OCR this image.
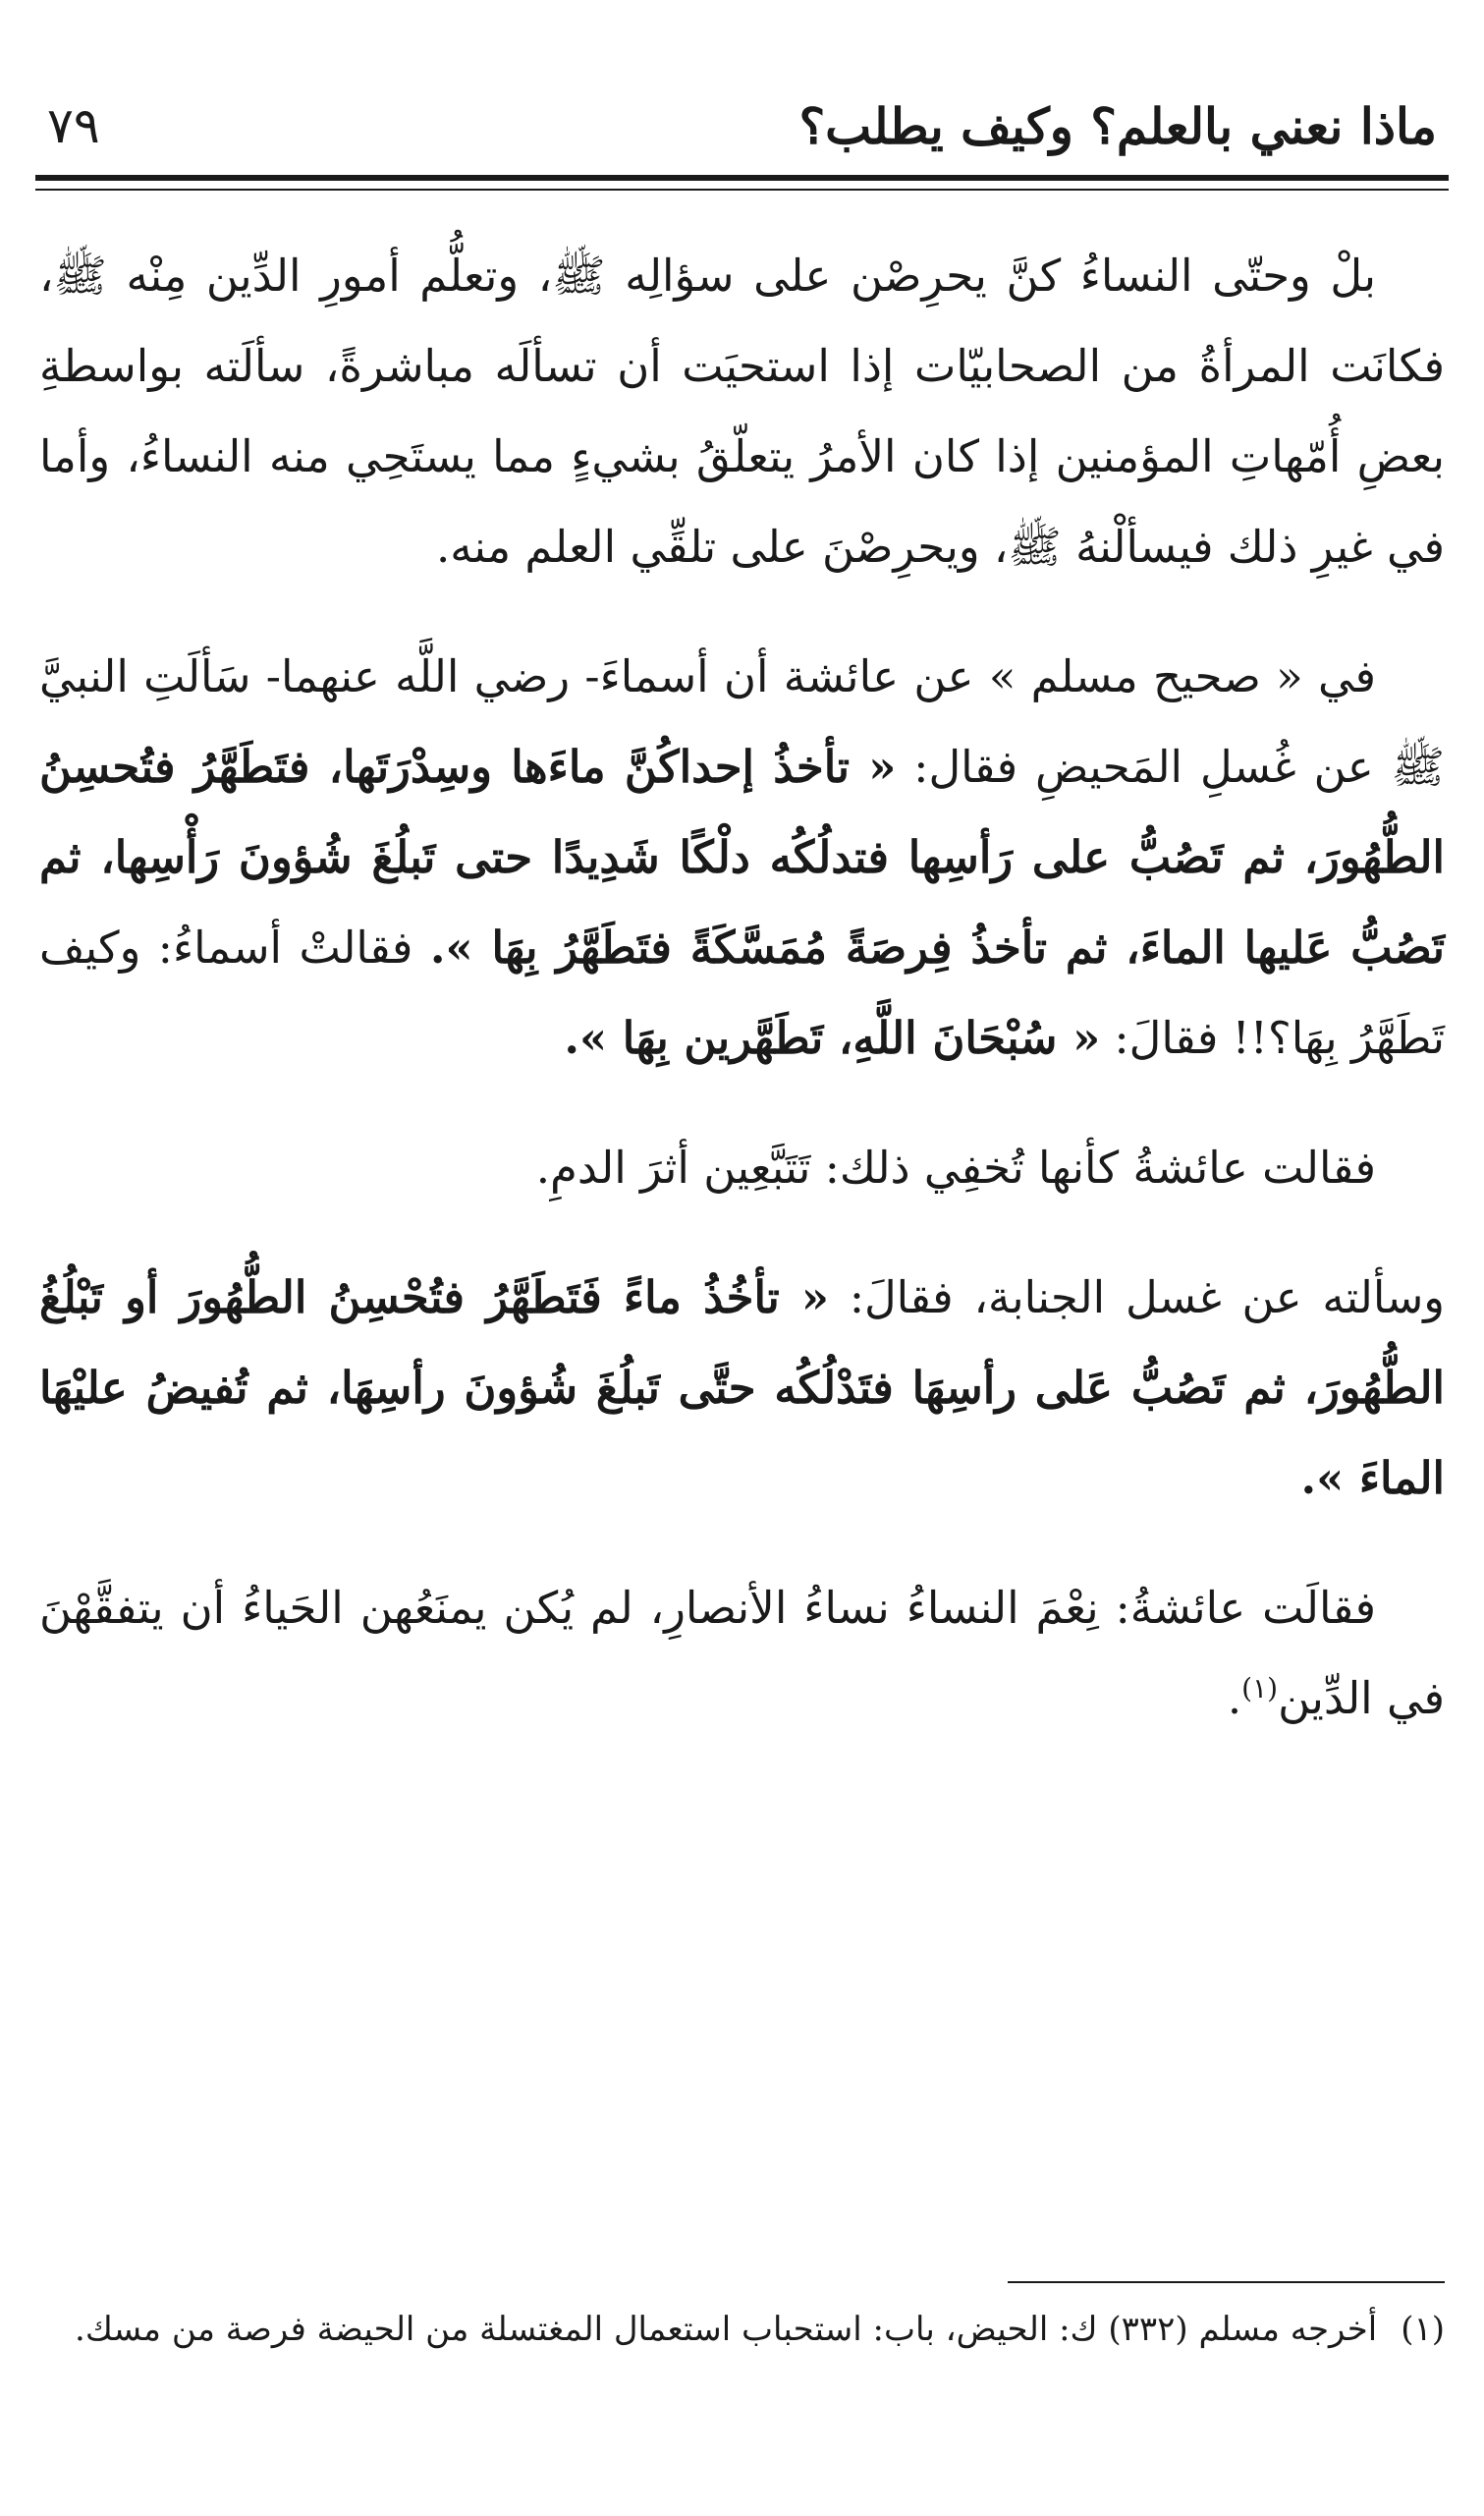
ماذا نعني بالعلم؟ وكيف يطلب؟
٧٩

بلْ وحتّى النساءُ كنَّ يحرِصْن على سؤالِه ﷺ، وتعلُّم أمورِ الدِّين مِنْه ﷺ، فكانَت المرأةُ من الصحابيّات إذا استحيَت أن تسألَه مباشرةً، سألَته بواسطةِ بعضِ أُمّهاتِ المؤمنين إذا كان الأمرُ يتعلّقُ بشيءٍ مما يستَحِي منه النساءُ، وأما في غيرِ ذلك فيسألْنهُ ﷺ، ويحرِصْنَ على تلقِّي العلم منه.

في « صحيح مسلم » عن عائشة أن أسماءَ- رضي اللَّه عنهما- سَألَتِ النبيَّ ﷺ عن غُسلِ المَحيضِ فقال: « تأخذُ إحداكُنَّ ماءَها وسِدْرَتَها، فتَطَهَّرُ فتُحسِنُ الطُّهُورَ، ثم تَصُبُّ على رَأسِها فتدلُكُه دلْكًا شَدِيدًا حتى تَبلُغَ شُؤونَ رَأْسِها، ثم تَصُبُّ عَليها الماءَ، ثم تأخذُ فِرصَةً مُمَسَّكَةً فتَطَهَّرُ بِهَا ». فقالتْ أسماءُ: وكيف تَطَهَّرُ بِهَا؟!! فقالَ: « سُبْحَانَ اللَّهِ، تَطَهَّرين بِهَا ».

فقالت عائشةُ كأنها تُخفِي ذلك: تَتَبَّعِين أثرَ الدمِ.

وسألته عن غسل الجنابة، فقالَ: « تأخُذُ ماءً فَتَطَهَّرُ فتُحْسِنُ الطُّهُورَ أو تَبْلُغُ الطُّهُورَ، ثم تَصُبُّ عَلى رأسِهَا فتَدْلُكُه حتَّى تَبلُغَ شُؤونَ رأسِهَا، ثم تُفيضُ عليْهَا الماءَ ».

فقالَت عائشةُ: نِعْمَ النساءُ نساءُ الأنصارِ، لم يُكن يمنَعُهن الحَياءُ أن يتفقَّهْنَ في الدِّين$^{(١)}$.

(١)أخرجه مسلم (٣٣٢) ك: الحيض، باب: استحباب استعمال المغتسلة من الحيضة فرصة من مسك.
